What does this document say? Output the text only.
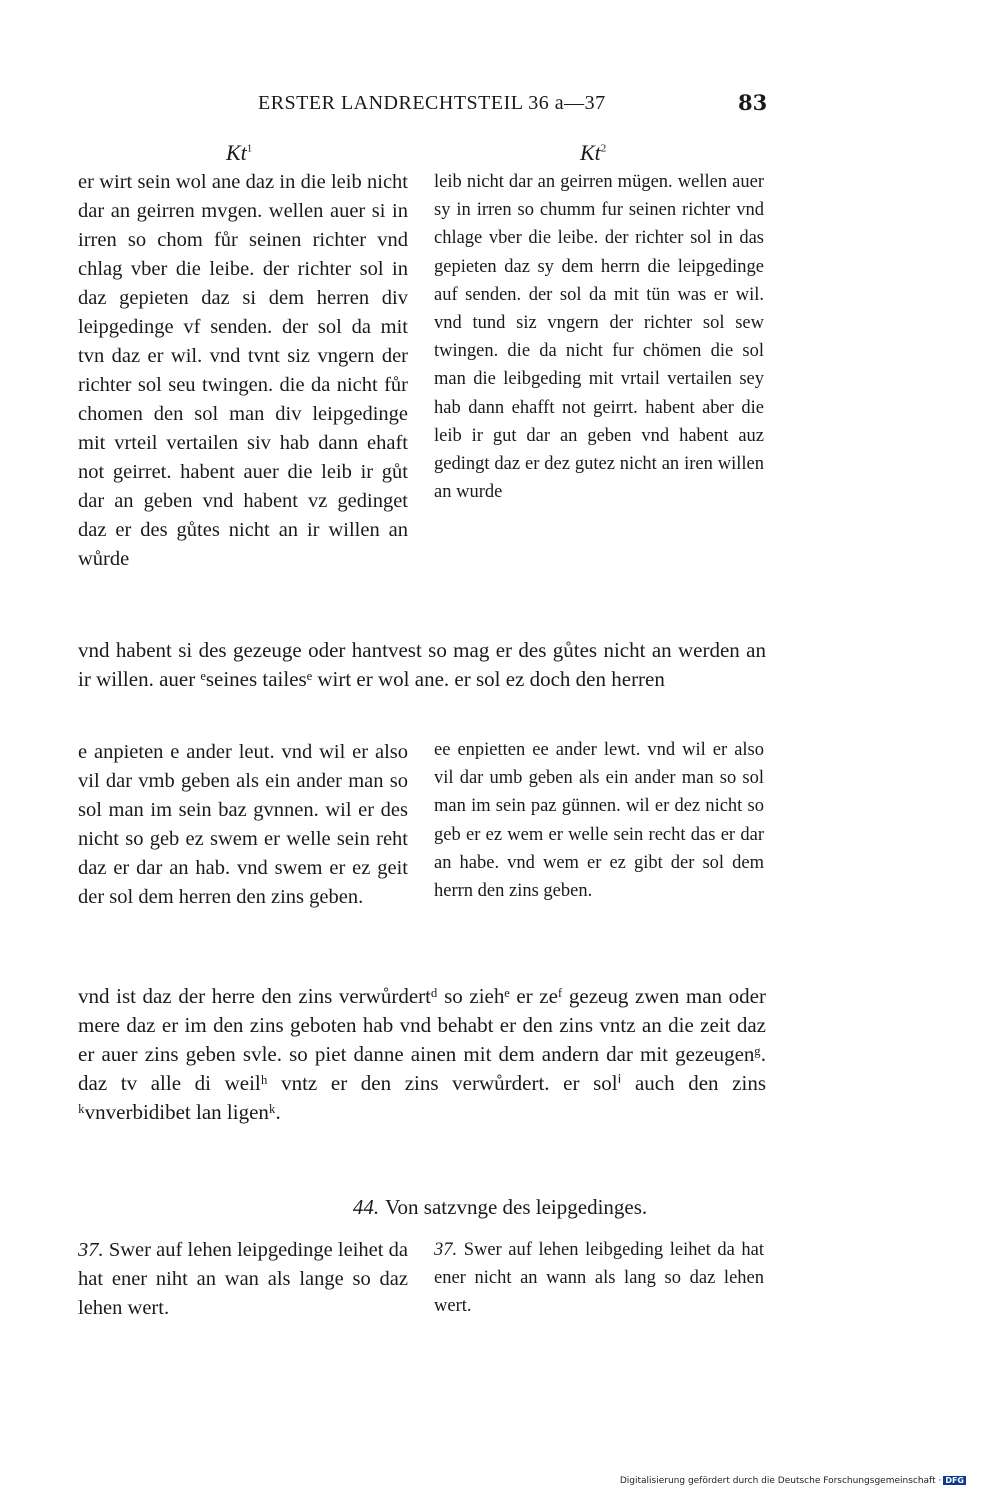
ERSTER LANDRECHTSTEIL 36 a—37	83
Kt$^1$	Kt$^2$
er wirt sein wol ane daz in die leib nicht dar an geirren mvgen. wellen auer si in irren so chom fůr seinen richter vnd chlag vber die leibe. der richter sol in daz gepieten daz si dem herren div leipgedinge vf senden. der sol da mit tvn daz er wil. vnd tvnt siz vngern der richter sol seu twingen. die da nicht fůr chomen den sol man div leipgedinge mit vrteil vertailen siv hab dann ehaft not geirret. habent auer die leib ir gůt dar an geben vnd habent vz gedinget daz er des gůtes nicht an ir willen an wůrde
leib nicht dar an geirren mügen. wellen auer sy in irren so chumm fur seinen richter vnd chlage vber die leibe. der richter sol in das gepieten daz sy dem herrn die leipgedinge auf senden. der sol da mit tün was er wil. vnd tund siz vngern der richter sol sew twingen. die da nicht fur chömen die sol man die leibgeding mit vrtail vertailen sey hab dann ehafft not geirrt. habent aber die leib ir gut dar an geben vnd habent auz gedingt daz er dez gutez nicht an iren willen an wurde
vnd habent si des gezeuge oder hantvest so mag er des gůtes nicht an werden an ir willen. auer ᵉseines tailesᵉ wirt er wol ane. er sol ez doch den herren
e anpieten e ander leut. vnd wil er also vil dar vmb geben als ein ander man so sol man im sein baz gvnnen. wil er des nicht so geb ez swem er welle sein reht daz er dar an hab. vnd swem er ez geit der sol dem herren den zins geben.
ee enpietten ee ander lewt. vnd wil er also vil dar umb geben als ein ander man so sol man im sein paz günnen. wil er dez nicht so geb er ez wem er welle sein recht das er dar an habe. vnd wem er ez gibt der sol dem herrn den zins geben.
vnd ist daz der herre den zins verwůrdertᵈ so ziehᵉ er zeᶠ gezeug zwen man oder mere daz er im den zins geboten hab vnd behabt er den zins vntz an die zeit daz er auer zins geben svle. so piet danne ainen mit dem andern dar mit gezeugenᵍ. daz tv alle di weilʰ vntz er den zins verwůrdert. er solⁱ auch den zins ᵏvnverbidibet lan ligenᵏ.
44. Von satzvnge des leipgedinges.
37. Swer auf lehen leipgedinge leihet da hat ener niht an wan als lange so daz lehen wert.
37. Swer auf lehen leibgeding leihet da hat ener nicht an wann als lang so daz lehen wert.
Digitalisierung gefördert durch die Deutsche Forschungsgemeinschaft · DFG
